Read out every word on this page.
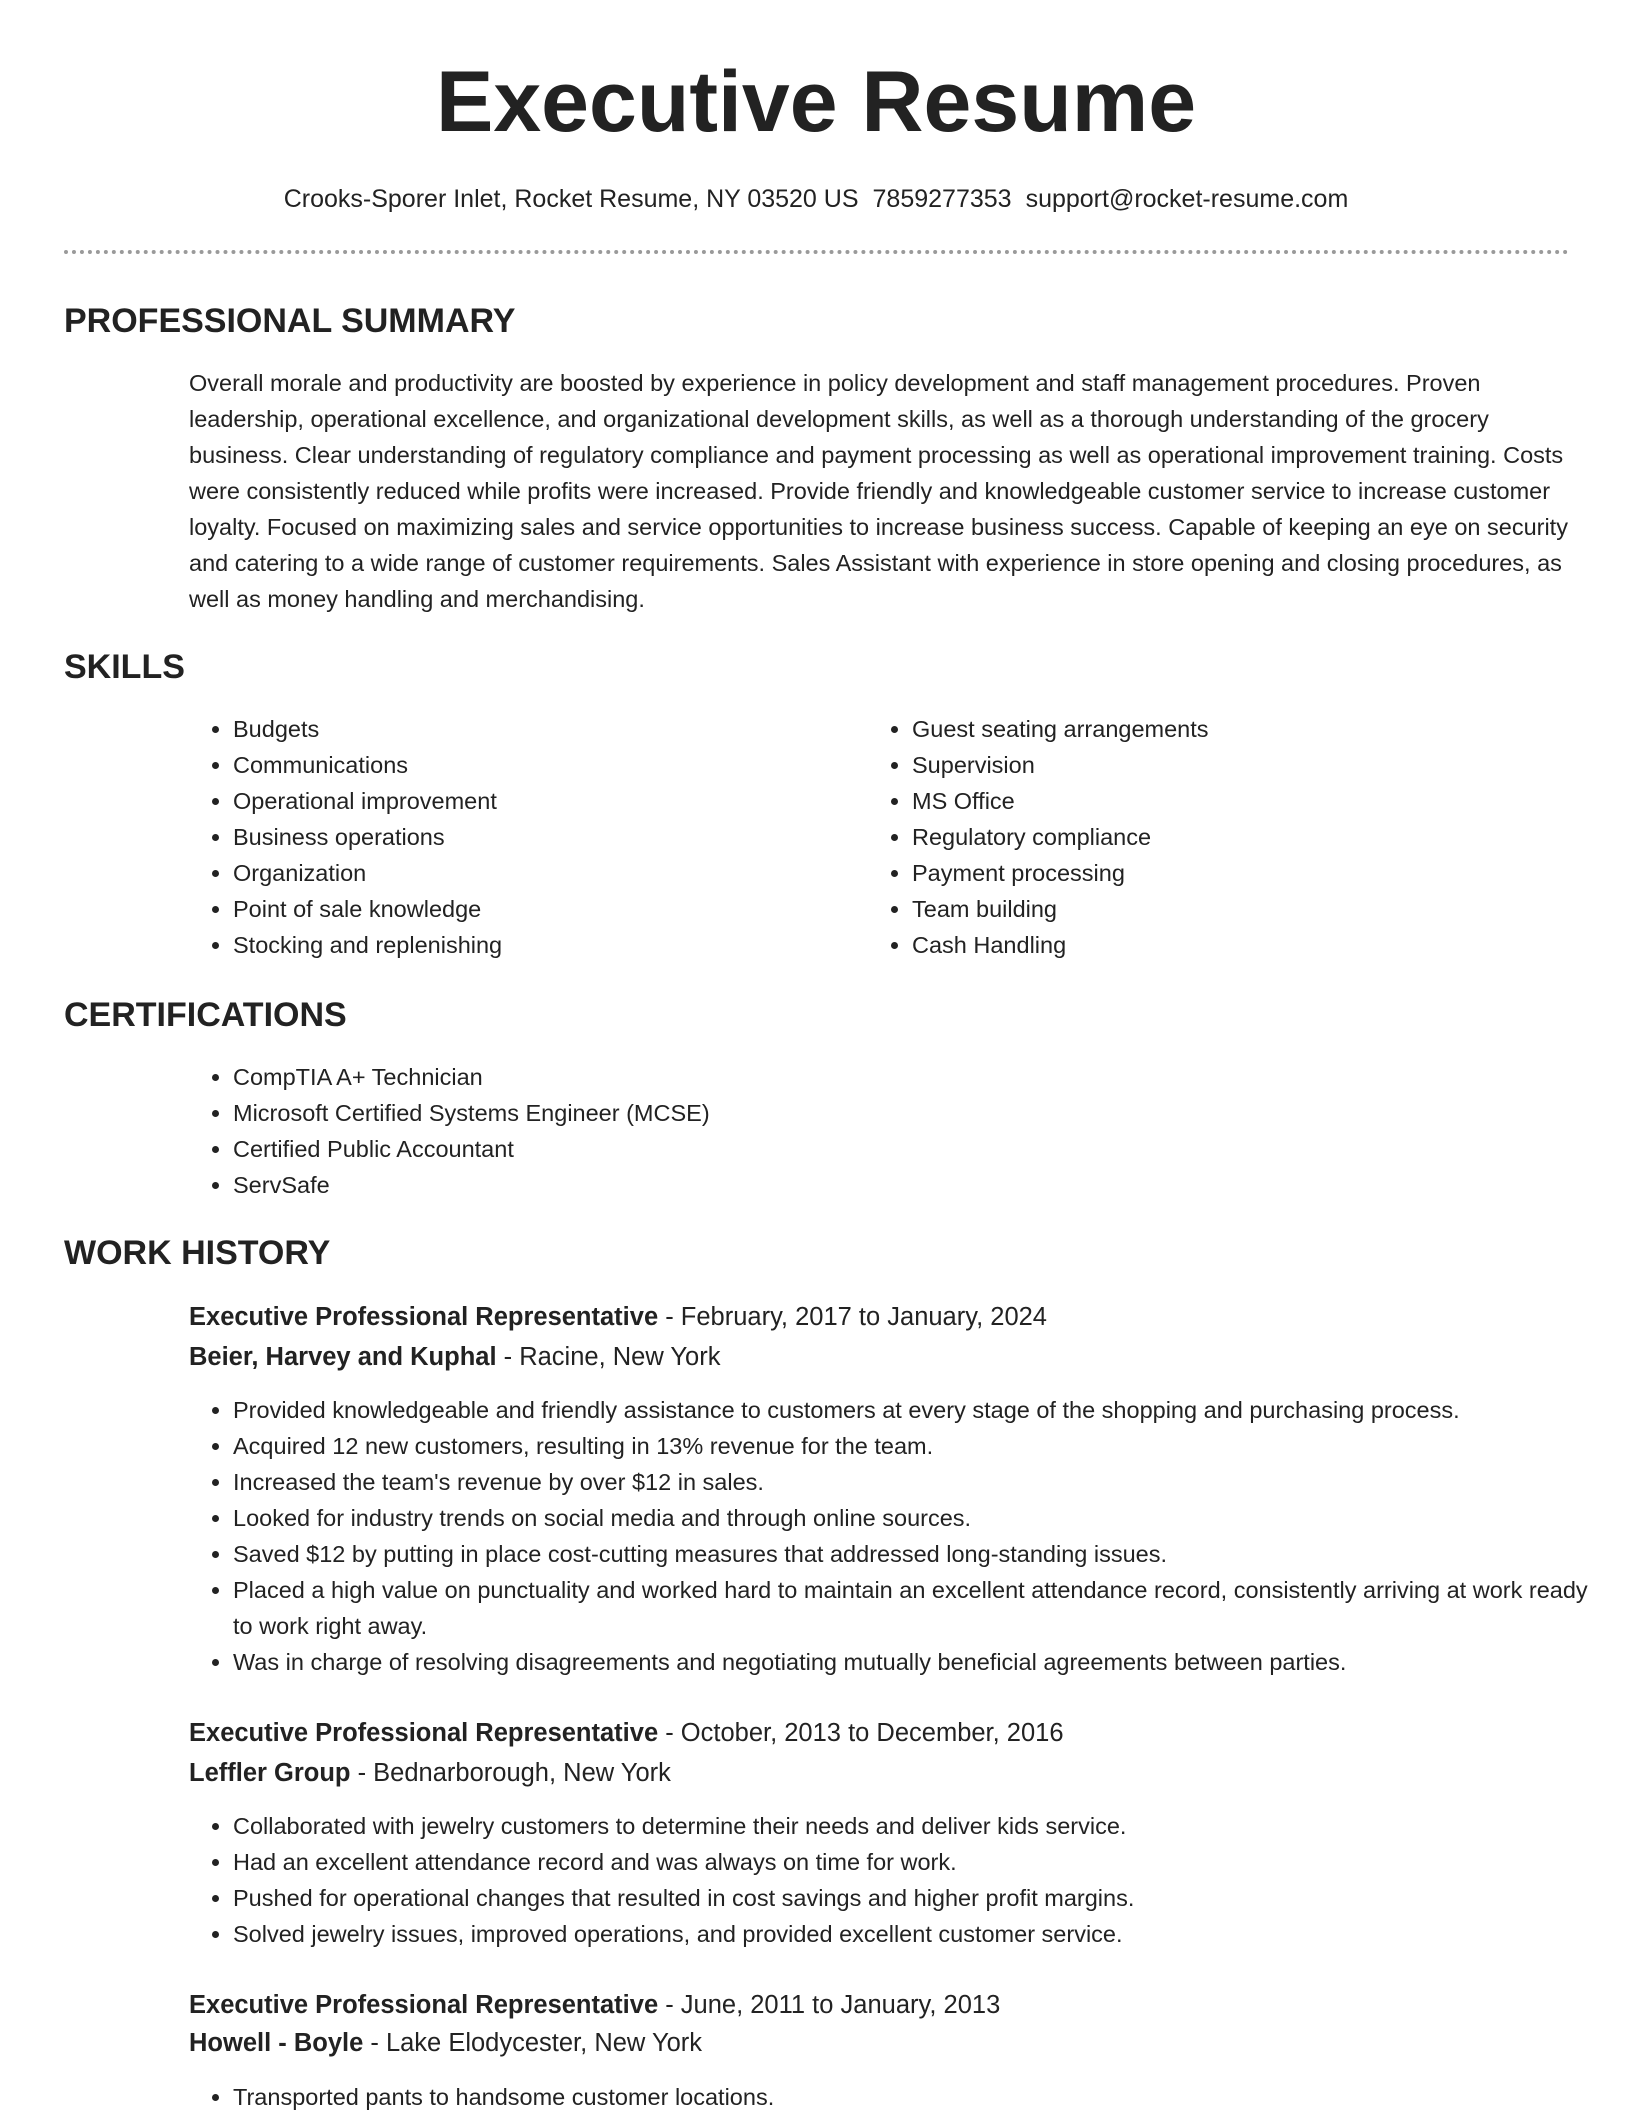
Executive Resume
Crooks-Sporer Inlet, Rocket Resume, NY 03520 US 7859277353 support@rocket-resume.com
PROFESSIONAL SUMMARY

Overall morale and productivity are boosted by experience in policy development and staff management procedures. Proven leadership, operational excellence, and organizational development skills, as well as a thorough understanding of the grocery business. Clear understanding of regulatory compliance and payment processing as well as operational improvement training. Costs were consistently reduced while profits were increased. Provide friendly and knowledgeable customer service to increase customer loyalty. Focused on maximizing sales and service opportunities to increase business success. Capable of keeping an eye on security and catering to a wide range of customer requirements. Sales Assistant with experience in store opening and closing procedures, as well as money handling and merchandising.

SKILLS
• Budgets
• Communications
• Operational improvement
• Business operations
• Organization
• Point of sale knowledge
• Stocking and replenishing
• Guest seating arrangements
• Supervision
• MS Office
• Regulatory compliance
• Payment processing
• Team building
• Cash Handling
CERTIFICATIONS
• CompTIA A+ Technician
• Microsoft Certified Systems Engineer (MCSE)
• Certified Public Accountant
• ServSafe
WORK HISTORY
Executive Professional Representative - February, 2017 to January, 2024
Beier, Harvey and Kuphal - Racine, New York
• Provided knowledgeable and friendly assistance to customers at every stage of the shopping and purchasing process.
• Acquired 12 new customers, resulting in 13% revenue for the team.
• Increased the team's revenue by over $12 in sales.
• Looked for industry trends on social media and through online sources.
• Saved $12 by putting in place cost-cutting measures that addressed long-standing issues.
• Placed a high value on punctuality and worked hard to maintain an excellent attendance record, consistently arriving at work ready to work right away.
• Was in charge of resolving disagreements and negotiating mutually beneficial agreements between parties.
Executive Professional Representative - October, 2013 to December, 2016
Leffler Group - Bednarborough, New York
• Collaborated with jewelry customers to determine their needs and deliver kids service.
• Had an excellent attendance record and was always on time for work.
• Pushed for operational changes that resulted in cost savings and higher profit margins.
• Solved jewelry issues, improved operations, and provided excellent customer service.
Executive Professional Representative - June, 2011 to January, 2013
Howell - Boyle - Lake Elodycester, New York
• Transported pants to handsome customer locations.
